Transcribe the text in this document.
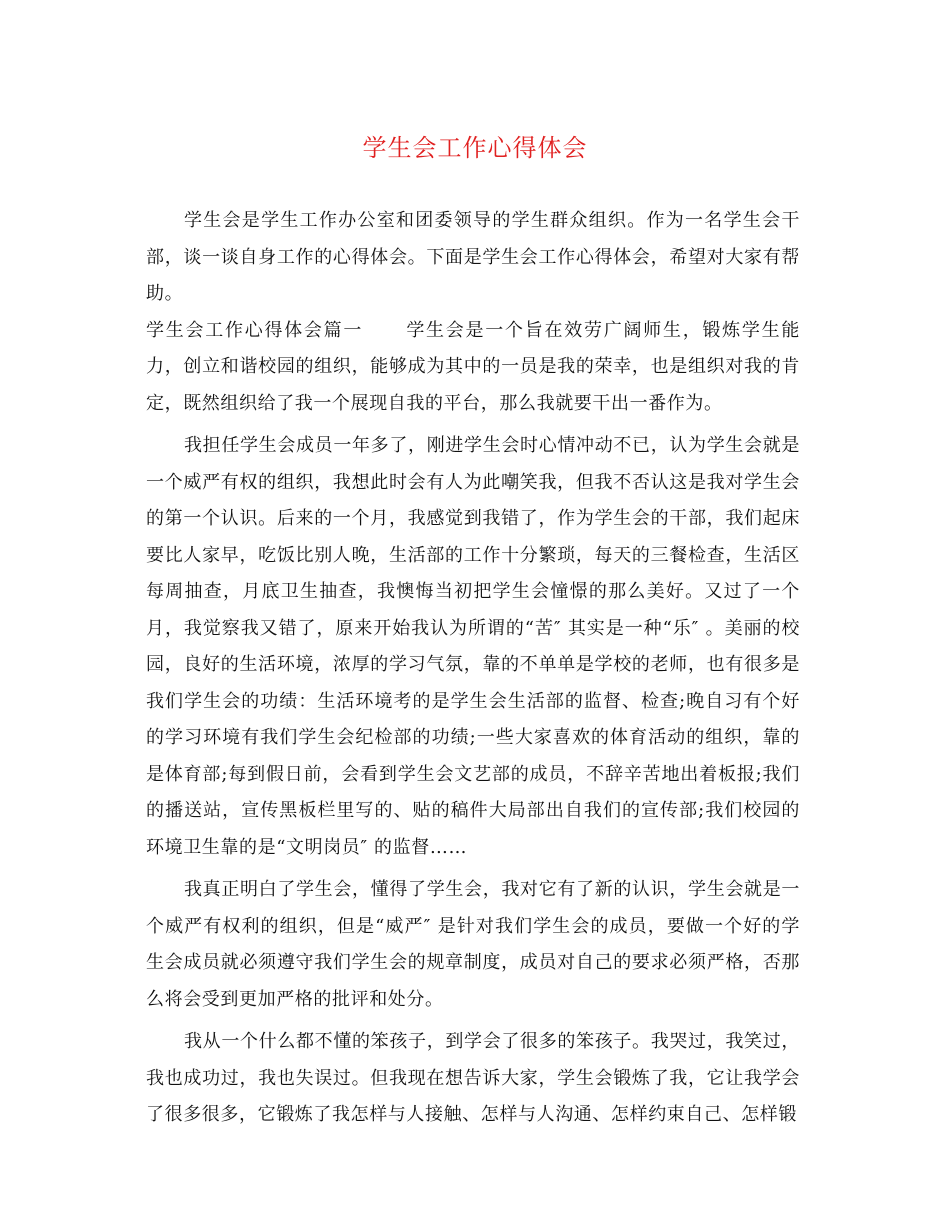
学生会工作心得体会

学生会是学生工作办公室和团委领导的学生群众组织。作为一名学生会干部，谈一谈自身工作的心得体会。下面是学生会工作心得体会，希望对大家有帮助。

学生会工作心得体会篇一 学生会是一个旨在效劳广阔师生，锻炼学生能力，创立和谐校园的组织，能够成为其中的一员是我的荣幸，也是组织对我的肯定，既然组织给了我一个展现自我的平台，那么我就要干出一番作为。

我担任学生会成员一年多了，刚进学生会时心情冲动不已，认为学生会就是一个威严有权的组织，我想此时会有人为此嘲笑我，但我不否认这是我对学生会的第一个认识。后来的一个月，我感觉到我错了，作为学生会的干部，我们起床要比人家早，吃饭比别人晚，生活部的工作十分繁琐，每天的三餐检查，生活区每周抽查，月底卫生抽查，我懊悔当初把学生会憧憬的那么美好。又过了一个月，我觉察我又错了，原来开始我认为所谓的“苦″ 其实是一种“乐″ 。美丽的校园，良好的生活环境，浓厚的学习气氛，靠的不单单是学校的老师，也有很多是我们学生会的功绩：生活环境考的是学生会生活部的监督、检查;晚自习有个好的学习环境有我们学生会纪检部的功绩;一些大家喜欢的体育活动的组织，靠的是体育部;每到假日前，会看到学生会文艺部的成员，不辞辛苦地出着板报;我们的播送站，宣传黑板栏里写的、贴的稿件大局部出自我们的宣传部;我们校园的环境卫生靠的是“文明岗员″ 的监督……

我真正明白了学生会，懂得了学生会，我对它有了新的认识，学生会就是一个威严有权利的组织，但是“威严″ 是针对我们学生会的成员，要做一个好的学生会成员就必须遵守我们学生会的规章制度，成员对自己的要求必须严格，否那么将会受到更加严格的批评和处分。

我从一个什么都不懂的笨孩子，到学会了很多的笨孩子。我哭过，我笑过，我也成功过，我也失误过。但我现在想告诉大家，学生会锻炼了我，它让我学会了很多很多，它锻炼了我怎样与人接触、怎样与人沟通、怎样约束自己、怎样锻
